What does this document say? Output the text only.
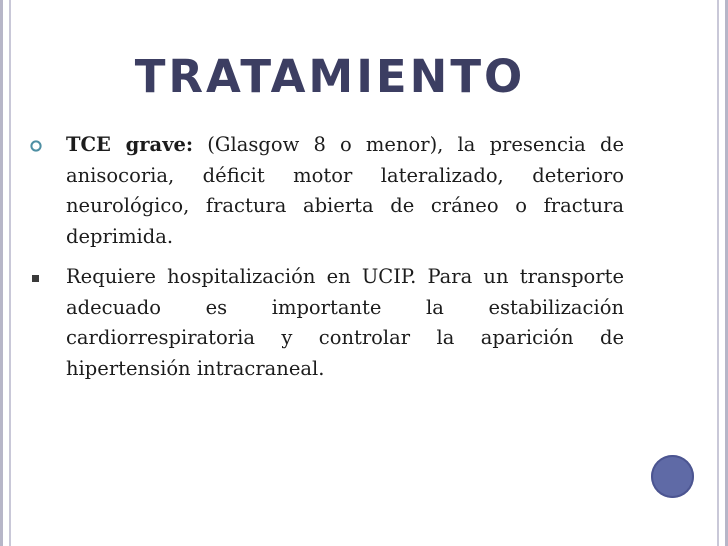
TRATAMIENTO
TCE grave: (Glasgow 8 o menor), la presencia de anisocoria, déficit motor lateralizado, deterioro neurológico, fractura abierta de cráneo o fractura deprimida.
Requiere hospitalización en UCIP. Para un transporte adecuado es importante la estabilización cardiorrespiratoria y controlar la aparición de hipertensión intracraneal.
